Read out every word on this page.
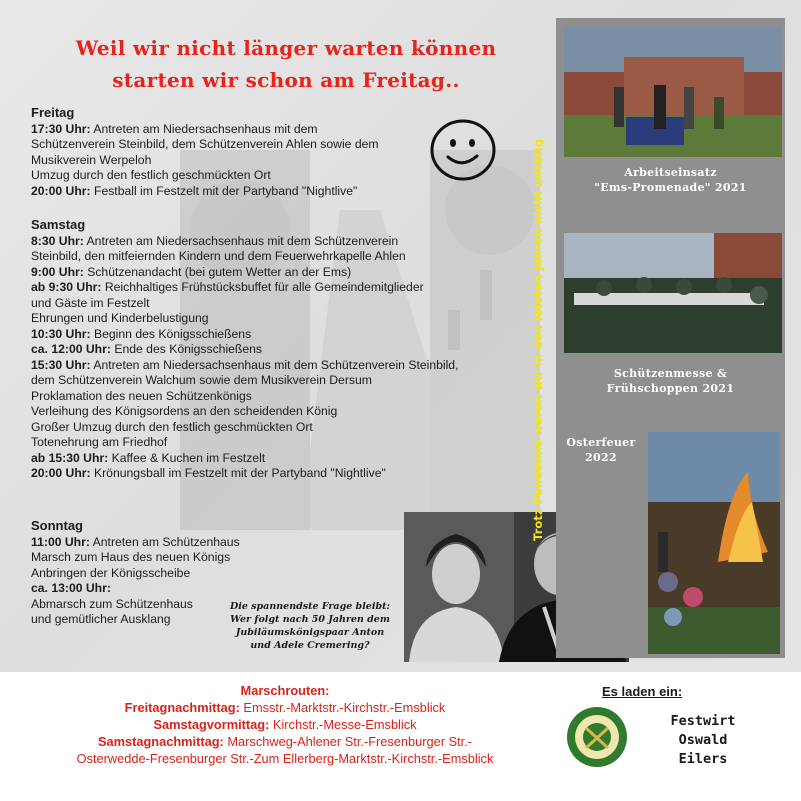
Weil wir nicht länger warten können
starten wir schon am Freitag..
Freitag
17:30 Uhr: Antreten am Niedersachsenhaus mit dem
Schützenverein Steinbild, dem Schützenverein Ahlen sowie dem
Musikverein Werpeloh
Umzug durch den festlich geschmückten Ort
20:00 Uhr: Festball im Festzelt mit der Partyband "Nightlive"
Samstag
8:30 Uhr: Antreten am Niedersachsenhaus mit dem Schützenverein
Steinbild, den mitfeiernden Kindern und dem Feuerwehrkapelle Ahlen
9:00 Uhr: Schützenandacht (bei gutem Wetter an der Ems)
ab 9:30 Uhr: Reichhaltiges Frühstücksbuffet für alle Gemeindemitglieder
und Gäste im Festzelt
Ehrungen und Kinderbelustigung
10:30 Uhr: Beginn des Königsschießens
ca. 12:00 Uhr: Ende des Königsschießens
15:30 Uhr: Antreten am Niedersachsenhaus mit dem Schützenverein Steinbild,
dem Schützenverein Walchum sowie dem Musikverein Dersum
Proklamation des neuen Schützenkönigs
Verleihung des Königsordens an den scheidenden König
Großer Umzug durch den festlich geschmückten Ort
Totenehrung am Friedhof
ab 15:30 Uhr: Kaffee & Kuchen im Festzelt
20:00 Uhr: Krönungsball im Festzelt mit der Partyband "Nightlive"
Sonntag
11:00 Uhr: Antreten am Schützenhaus
Marsch zum Haus des neuen Königs
Anbringen der Königsscheibe
ca. 13:00 Uhr:
Abmarsch zum Schützenhaus
und gemütlicher Ausklang
Die spannendste Frage bleibt:
Wer folgt nach 50 Jahren dem
Jubiläumskönigspaar Anton
und Adele Cremering?
Trotz Pandemie waren wir in den letzten Jahren nicht untätig	Arbeitseinsatz
"Ems-Promenade" 2021
Schützenmesse &
Frühschoppen 2021
Osterfeuer
2022
Marschrouten:
Freitagnachmittag: Emsstr.-Marktstr.-Kirchstr.-Emsblick
Samstagvormittag: Kirchstr.-Messe-Emsblick
Samstagnachmittag: Marschweg-Ahlener Str.-Fresenburger Str.-
Osterwedde-Fresenburger Str.-Zum Ellerberg-Marktstr.-Kirchstr.-Emsblick
Es laden ein:
Festwirt
Oswald
Eilers
